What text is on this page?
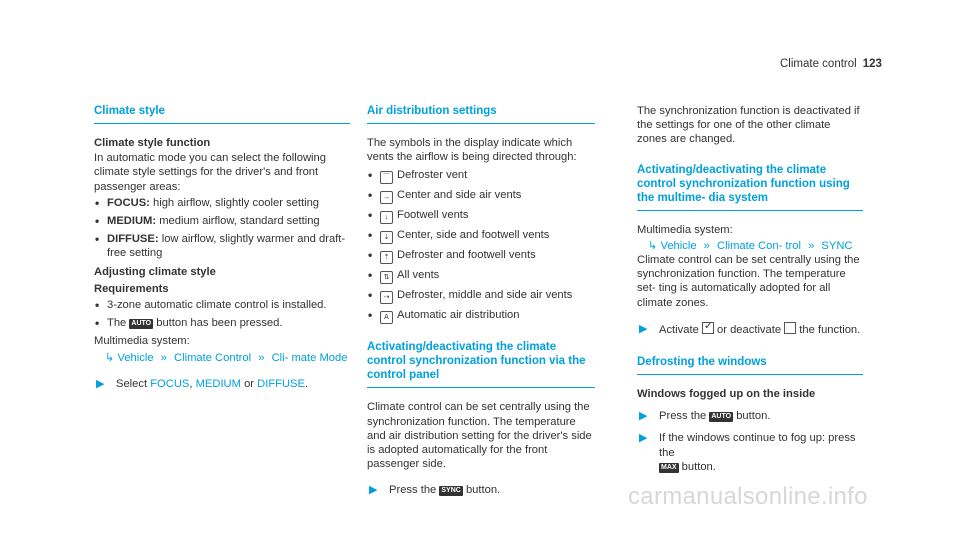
Climate control 123
Climate style
Climate style function

In automatic mode you can select the following climate style settings for the driver's and front passenger areas:

• FOCUS: high airflow, slightly cooler setting
• MEDIUM: medium airflow, standard setting
• DIFFUSE: low airflow, slightly warmer and draft-free setting
Adjusting climate style
Requirements
• 3-zone automatic climate control is installed.
• The AUTO button has been pressed.

Multimedia system:

↳ Vehicle » Climate Control » Cli- mate Mode

▶ Select FOCUS, MEDIUM or DIFFUSE.
Air distribution settings

The symbols in the display indicate which vents the airflow is being directed through:

• ⌒ Defroster vent
• → Center and side air vents
• ↓ Footwell vents
• ⇣ Center, side and footwell vents
• ⇡ Defroster and footwell vents
• ⇅ All vents
• ⇢ Defroster, middle and side air vents
• A Automatic air distribution
Activating/deactivating the climate control synchronization function via the control panel

Climate control can be set centrally using the synchronization function. The temperature and air distribution setting for the driver's side is adopted automatically for the front passenger side.

▶ Press the SYNC button.

The synchronization function is deactivated if the settings for one of the other climate zones are changed.

Activating/deactivating the climate control synchronization function using the multime- dia system

Multimedia system:

↳ Vehicle » Climate Con- trol » SYNC

Climate control can be set centrally using the synchronization function. The temperature set- ting is automatically adopted for all climate zones.

▶ Activate ✓ or deactivate the function.
Defrosting the windows
Windows fogged up on the inside
▶ Press the AUTO button.
▶ If the windows continue to fog up: press the
MAX button.
carmanualsonline.info
